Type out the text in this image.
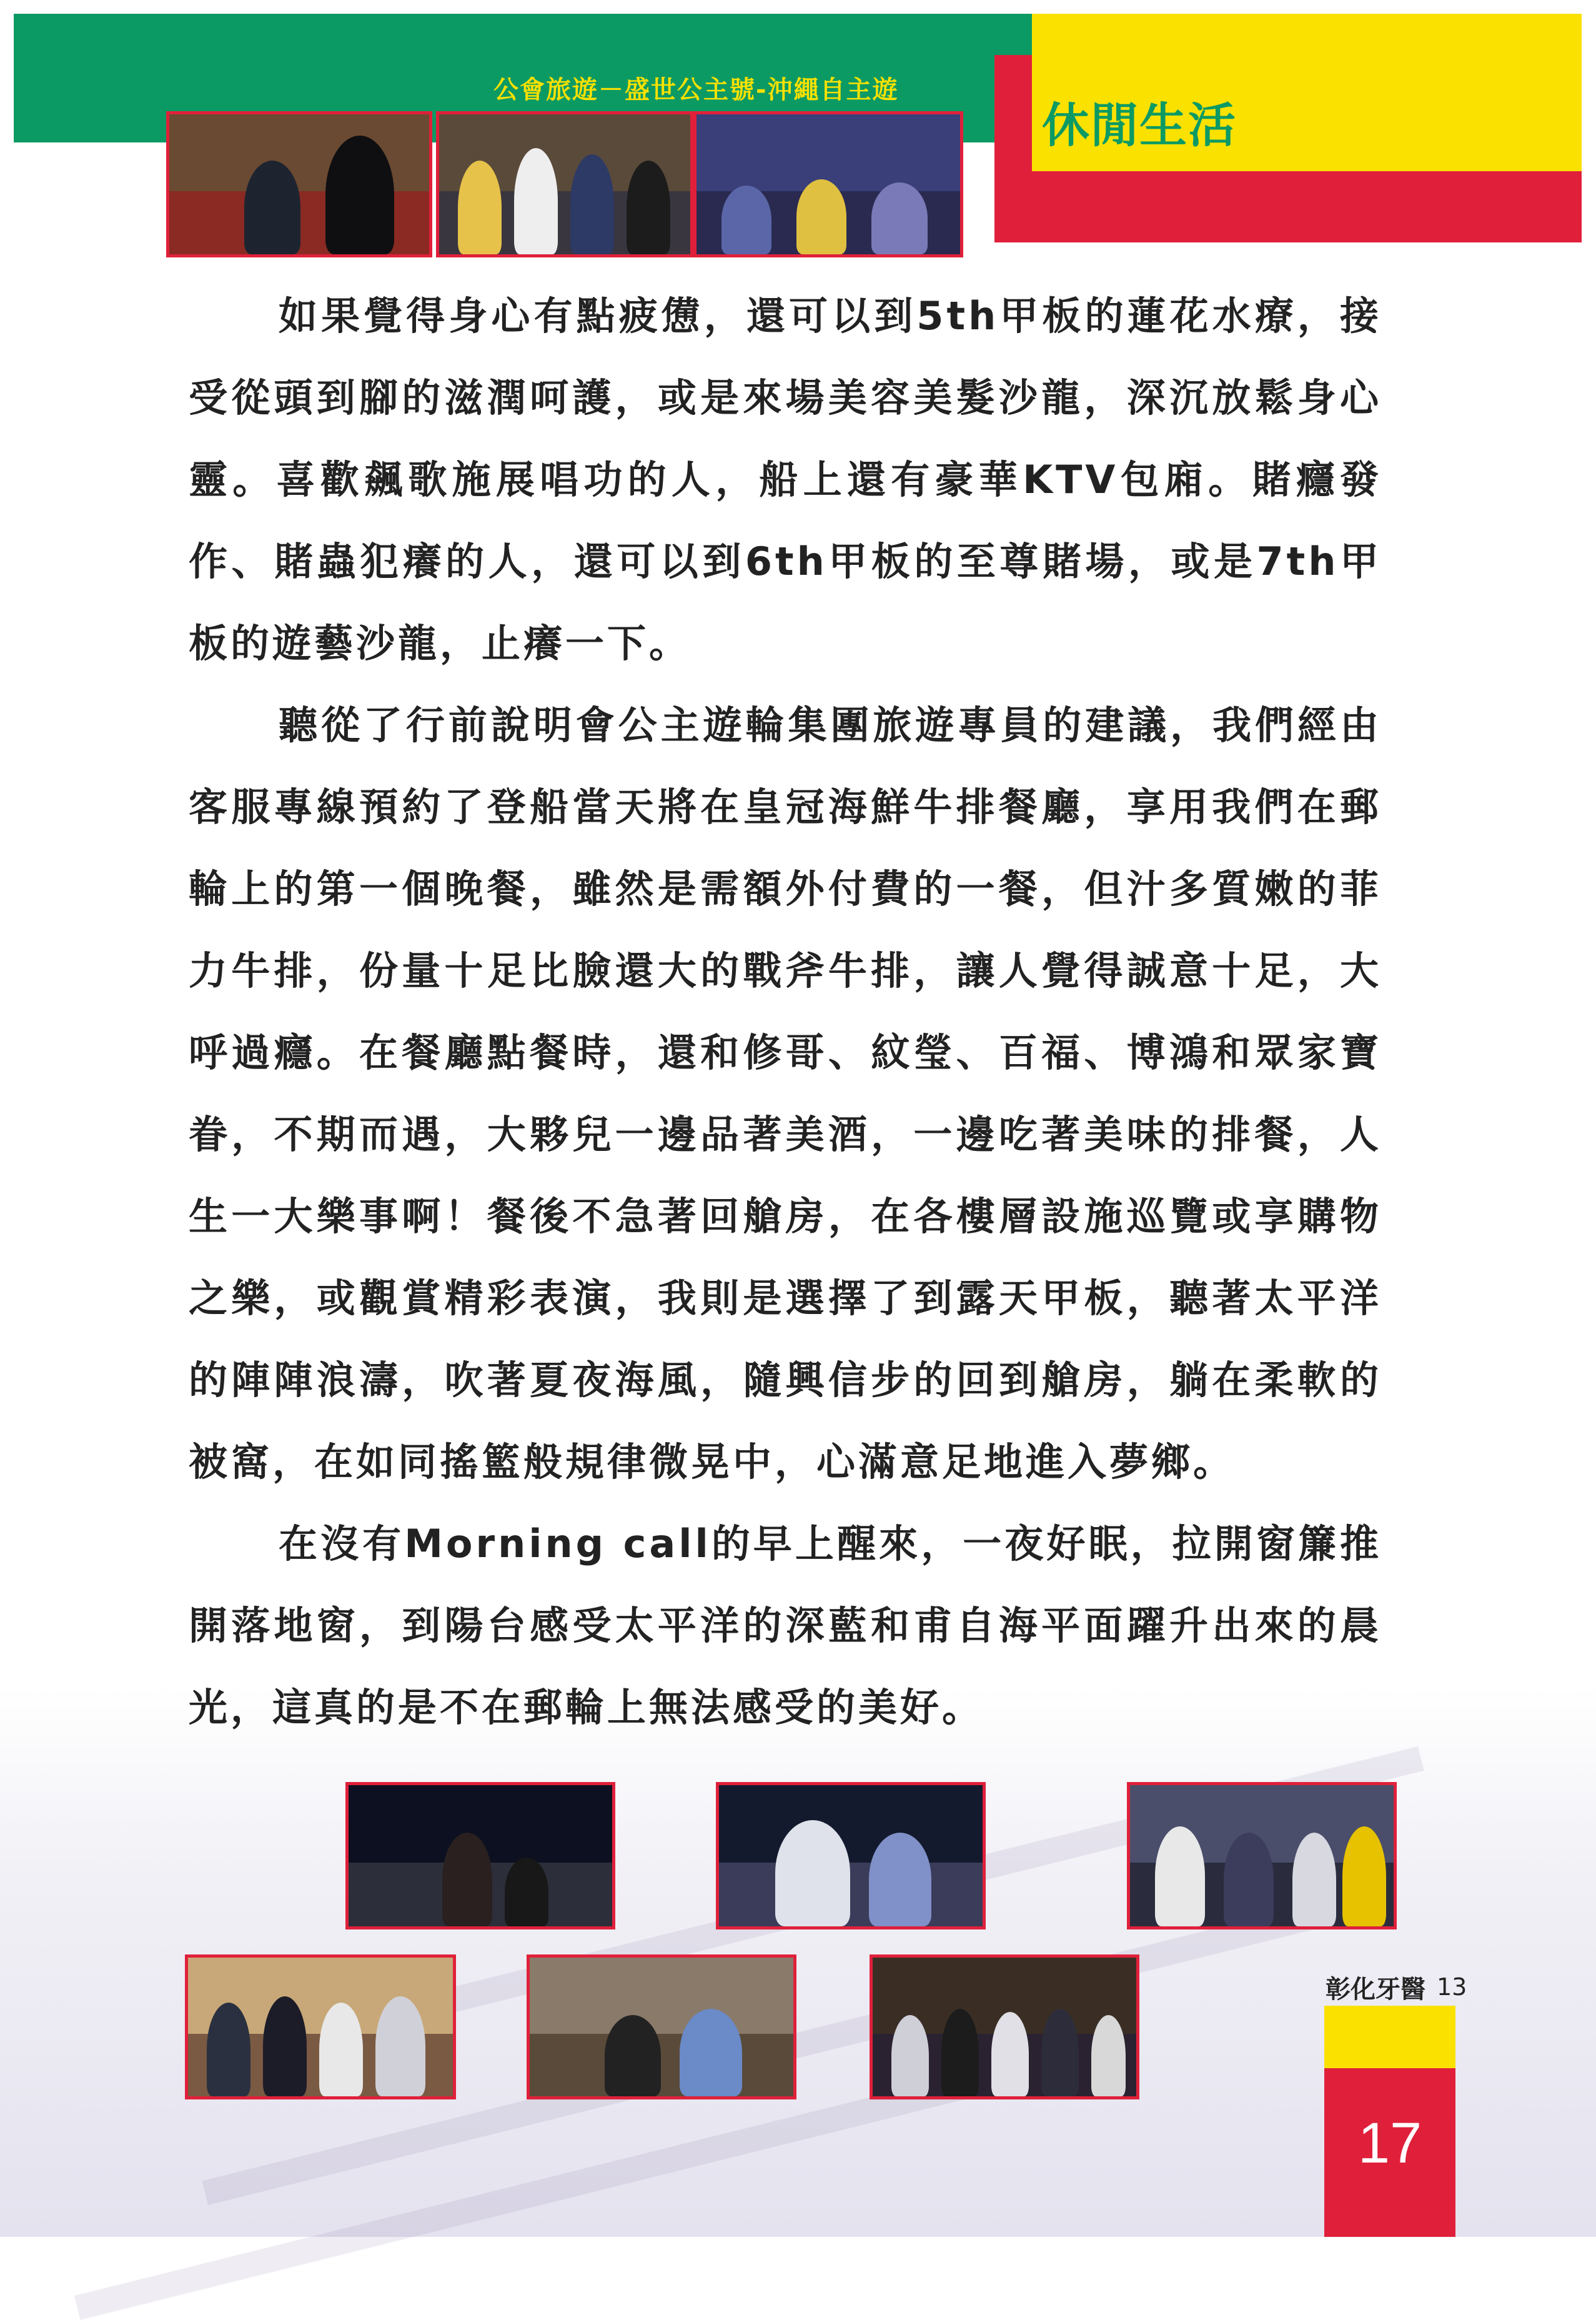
公會旅遊－盛世公主號-沖繩自主遊
休閒生活

如果覺得身心有點疲憊，還可以到5th甲板的蓮花水療，接受從頭到腳的滋潤呵護，或是來場美容美髮沙龍，深沉放鬆身心靈。喜歡飆歌施展唱功的人，船上還有豪華KTV包廂。賭癮發作、賭蟲犯癢的人，還可以到6th甲板的至尊賭場，或是7th甲板的遊藝沙龍，止癢一下。

聽從了行前說明會公主遊輪集團旅遊專員的建議，我們經由客服專線預約了登船當天將在皇冠海鮮牛排餐廳，享用我們在郵輪上的第一個晚餐，雖然是需額外付費的一餐，但汁多質嫩的菲力牛排，份量十足比臉還大的戰斧牛排，讓人覺得誠意十足，大呼過癮。在餐廳點餐時，還和修哥、紋瑩、百福、博鴻和眾家寶眷，不期而遇，大夥兒一邊品著美酒，一邊吃著美味的排餐，人生一大樂事啊！餐後不急著回艙房，在各樓層設施巡覽或享購物之樂，或觀賞精彩表演，我則是選擇了到露天甲板，聽著太平洋的陣陣浪濤，吹著夏夜海風，隨興信步的回到艙房，躺在柔軟的被窩，在如同搖籃般規律微晃中，心滿意足地進入夢鄉。

在沒有Morning call的早上醒來，一夜好眠，拉開窗簾推開落地窗，到陽台感受太平洋的深藍和甫自海平面躍升出來的晨光，這真的是不在郵輪上無法感受的美好。

彰化牙醫 13
17
